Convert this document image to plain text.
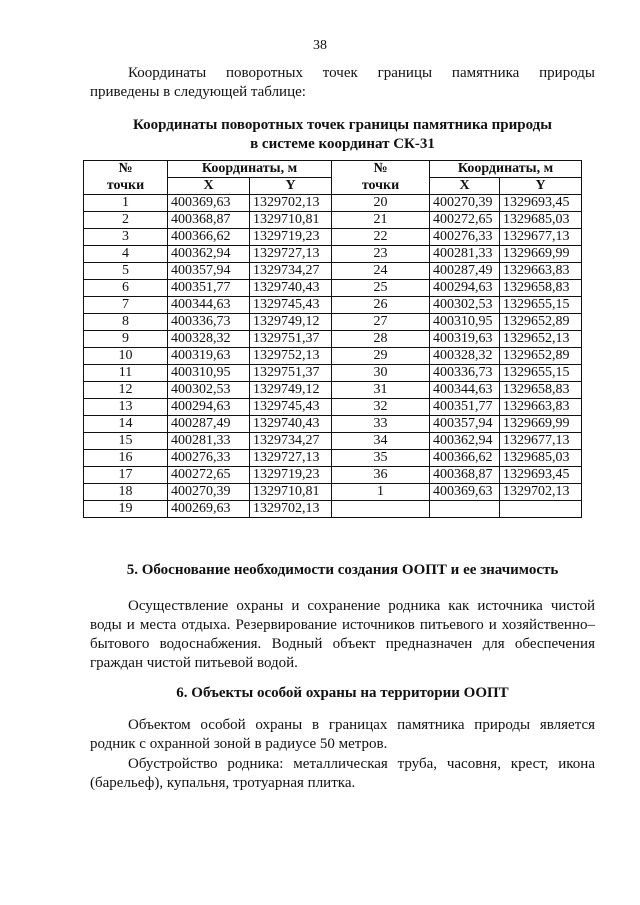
38
Координаты поворотных точек границы памятника природы
приведены в следующей таблице:
Координаты поворотных точек границы памятника природы
в системе координат СК-31
№	Координаты, м		№	Координаты, м	
точки	X	Y	точки	X	Y
1	400369,63	1329702,13	20	400270,39	1329693,45
2	400368,87	1329710,81	21	400272,65	1329685,03
3	400366,62	1329719,23	22	400276,33	1329677,13
4	400362,94	1329727,13	23	400281,33	1329669,99
5	400357,94	1329734,27	24	400287,49	1329663,83
6	400351,77	1329740,43	25	400294,63	1329658,83
7	400344,63	1329745,43	26	400302,53	1329655,15
8	400336,73	1329749,12	27	400310,95	1329652,89
9	400328,32	1329751,37	28	400319,63	1329652,13
10	400319,63	1329752,13	29	400328,32	1329652,89
11	400310,95	1329751,37	30	400336,73	1329655,15
12	400302,53	1329749,12	31	400344,63	1329658,83
13	400294,63	1329745,43	32	400351,77	1329663,83
14	400287,49	1329740,43	33	400357,94	1329669,99
15	400281,33	1329734,27	34	400362,94	1329677,13
16	400276,33	1329727,13	35	400366,62	1329685,03
17	400272,65	1329719,23	36	400368,87	1329693,45
18	400270,39	1329710,81	1	400369,63	1329702,13
19	400269,63	1329702,13			
5. Обоснование необходимости создания ООПТ и ее значимость
Осуществление охраны и сохранение родника как источника чистой воды и места отдыха. Резервирование источников питьевого и хозяйственно–бытового водоснабжения. Водный объект предназначен для обеспечения граждан чистой питьевой водой.
6. Объекты особой охраны на территории ООПТ
Объектом особой охраны в границах памятника природы является родник с охранной зоной в радиусе 50 метров.
Обустройство родника: металлическая труба, часовня, крест, икона (барельеф), купальня, тротуарная плитка.
